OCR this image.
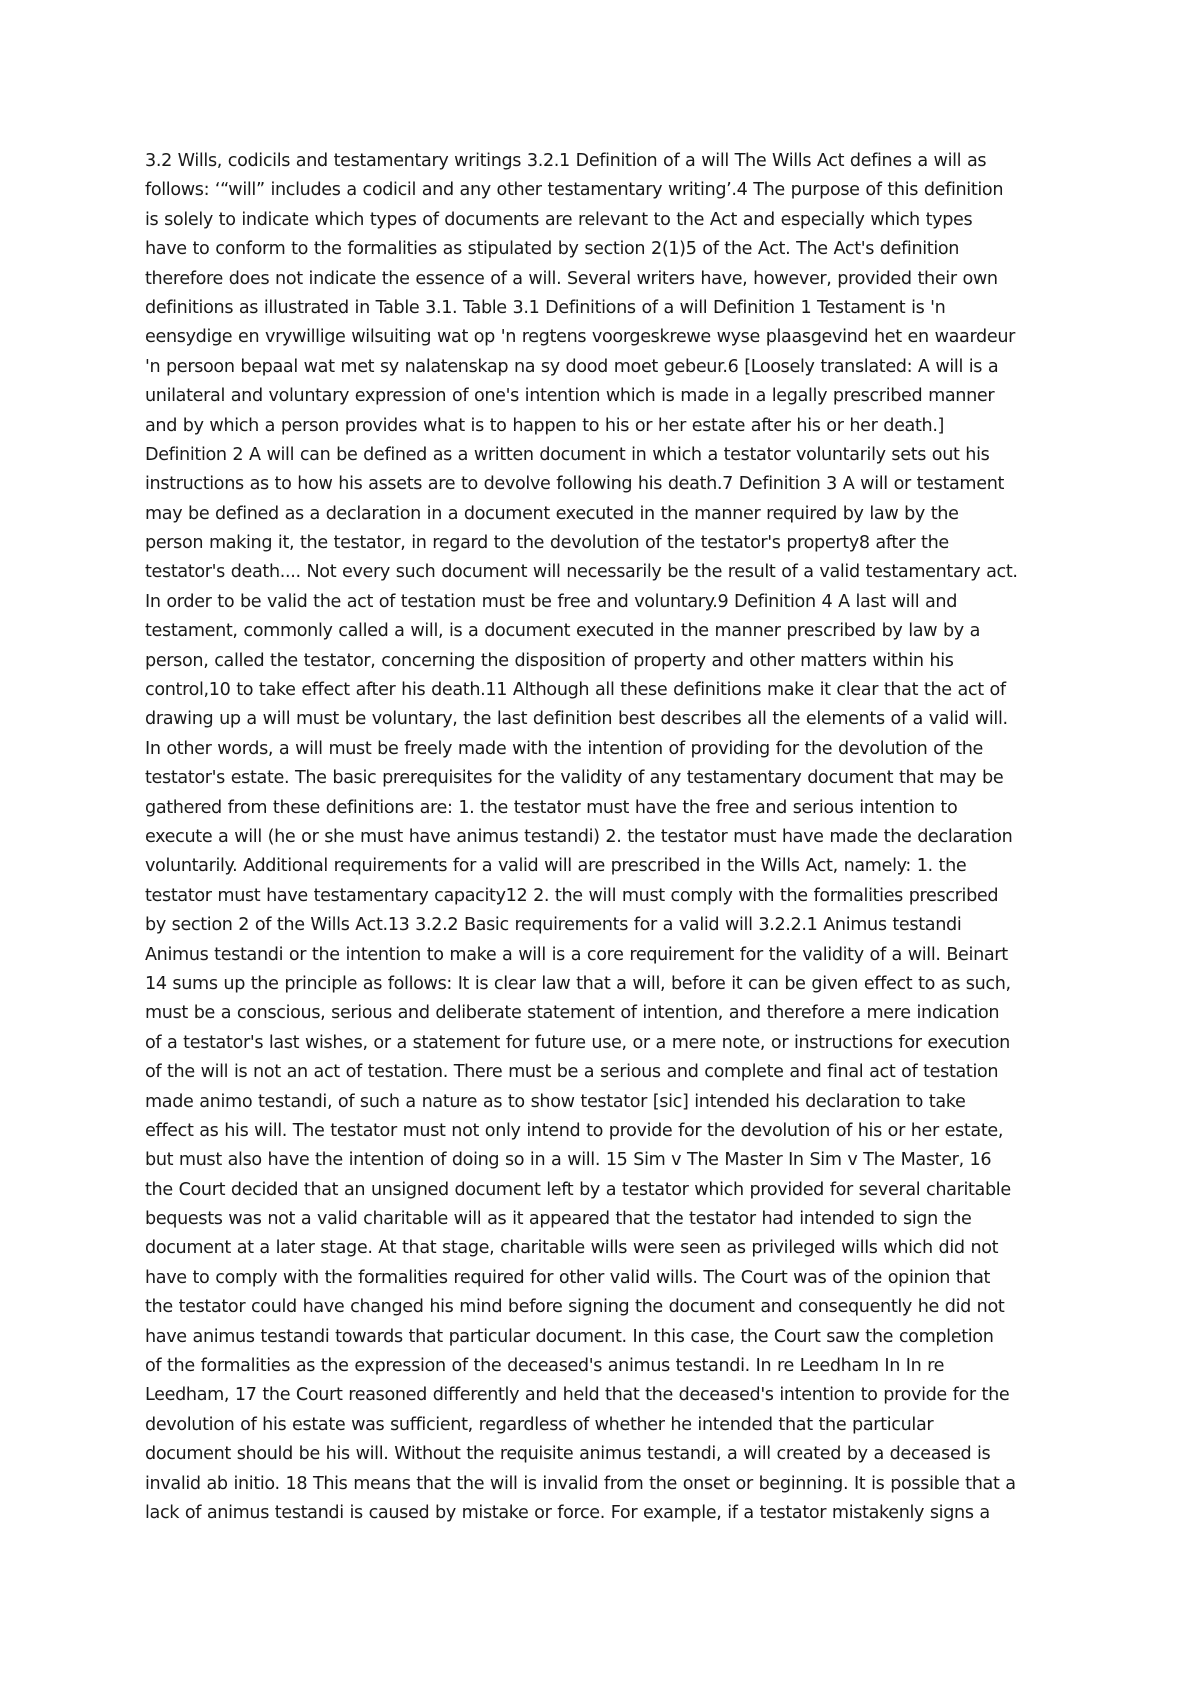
3.2 Wills, codicils and testamentary writings 3.2.1 Definition of a will The Wills Act defines a will as
follows: ‘“will” includes a codicil and any other testamentary writing’.4 The purpose of this definition
is solely to indicate which types of documents are relevant to the Act and especially which types
have to conform to the formalities as stipulated by section 2(1)5 of the Act. The Act's definition
therefore does not indicate the essence of a will. Several writers have, however, provided their own
definitions as illustrated in Table 3.1. Table 3.1 Definitions of a will Definition 1 Testament is 'n
eensydige en vrywillige wilsuiting wat op 'n regtens voorgeskrewe wyse plaasgevind het en waardeur
'n persoon bepaal wat met sy nalatenskap na sy dood moet gebeur.6 [Loosely translated: A will is a
unilateral and voluntary expression of one's intention which is made in a legally prescribed manner
and by which a person provides what is to happen to his or her estate after his or her death.]
Definition 2 A will can be defined as a written document in which a testator voluntarily sets out his
instructions as to how his assets are to devolve following his death.7 Definition 3 A will or testament
may be defined as a declaration in a document executed in the manner required by law by the
person making it, the testator, in regard to the devolution of the testator's property8 after the
testator's death.... Not every such document will necessarily be the result of a valid testamentary act.
In order to be valid the act of testation must be free and voluntary.9 Definition 4 A last will and
testament, commonly called a will, is a document executed in the manner prescribed by law by a
person, called the testator, concerning the disposition of property and other matters within his
control,10 to take effect after his death.11 Although all these definitions make it clear that the act of
drawing up a will must be voluntary, the last definition best describes all the elements of a valid will.
In other words, a will must be freely made with the intention of providing for the devolution of the
testator's estate. The basic prerequisites for the validity of any testamentary document that may be
gathered from these definitions are: 1. the testator must have the free and serious intention to
execute a will (he or she must have animus testandi) 2. the testator must have made the declaration
voluntarily. Additional requirements for a valid will are prescribed in the Wills Act, namely: 1. the
testator must have testamentary capacity12 2. the will must comply with the formalities prescribed
by section 2 of the Wills Act.13 3.2.2 Basic requirements for a valid will 3.2.2.1 Animus testandi
Animus testandi or the intention to make a will is a core requirement for the validity of a will. Beinart
14 sums up the principle as follows: It is clear law that a will, before it can be given effect to as such,
must be a conscious, serious and deliberate statement of intention, and therefore a mere indication
of a testator's last wishes, or a statement for future use, or a mere note, or instructions for execution
of the will is not an act of testation. There must be a serious and complete and final act of testation
made animo testandi, of such a nature as to show testator [sic] intended his declaration to take
effect as his will. The testator must not only intend to provide for the devolution of his or her estate,
but must also have the intention of doing so in a will. 15 Sim v The Master In Sim v The Master, 16
the Court decided that an unsigned document left by a testator which provided for several charitable
bequests was not a valid charitable will as it appeared that the testator had intended to sign the
document at a later stage. At that stage, charitable wills were seen as privileged wills which did not
have to comply with the formalities required for other valid wills. The Court was of the opinion that
the testator could have changed his mind before signing the document and consequently he did not
have animus testandi towards that particular document. In this case, the Court saw the completion
of the formalities as the expression of the deceased's animus testandi. In re Leedham In In re
Leedham, 17 the Court reasoned differently and held that the deceased's intention to provide for the
devolution of his estate was sufficient, regardless of whether he intended that the particular
document should be his will. Without the requisite animus testandi, a will created by a deceased is
invalid ab initio. 18 This means that the will is invalid from the onset or beginning. It is possible that a
lack of animus testandi is caused by mistake or force. For example, if a testator mistakenly signs a
